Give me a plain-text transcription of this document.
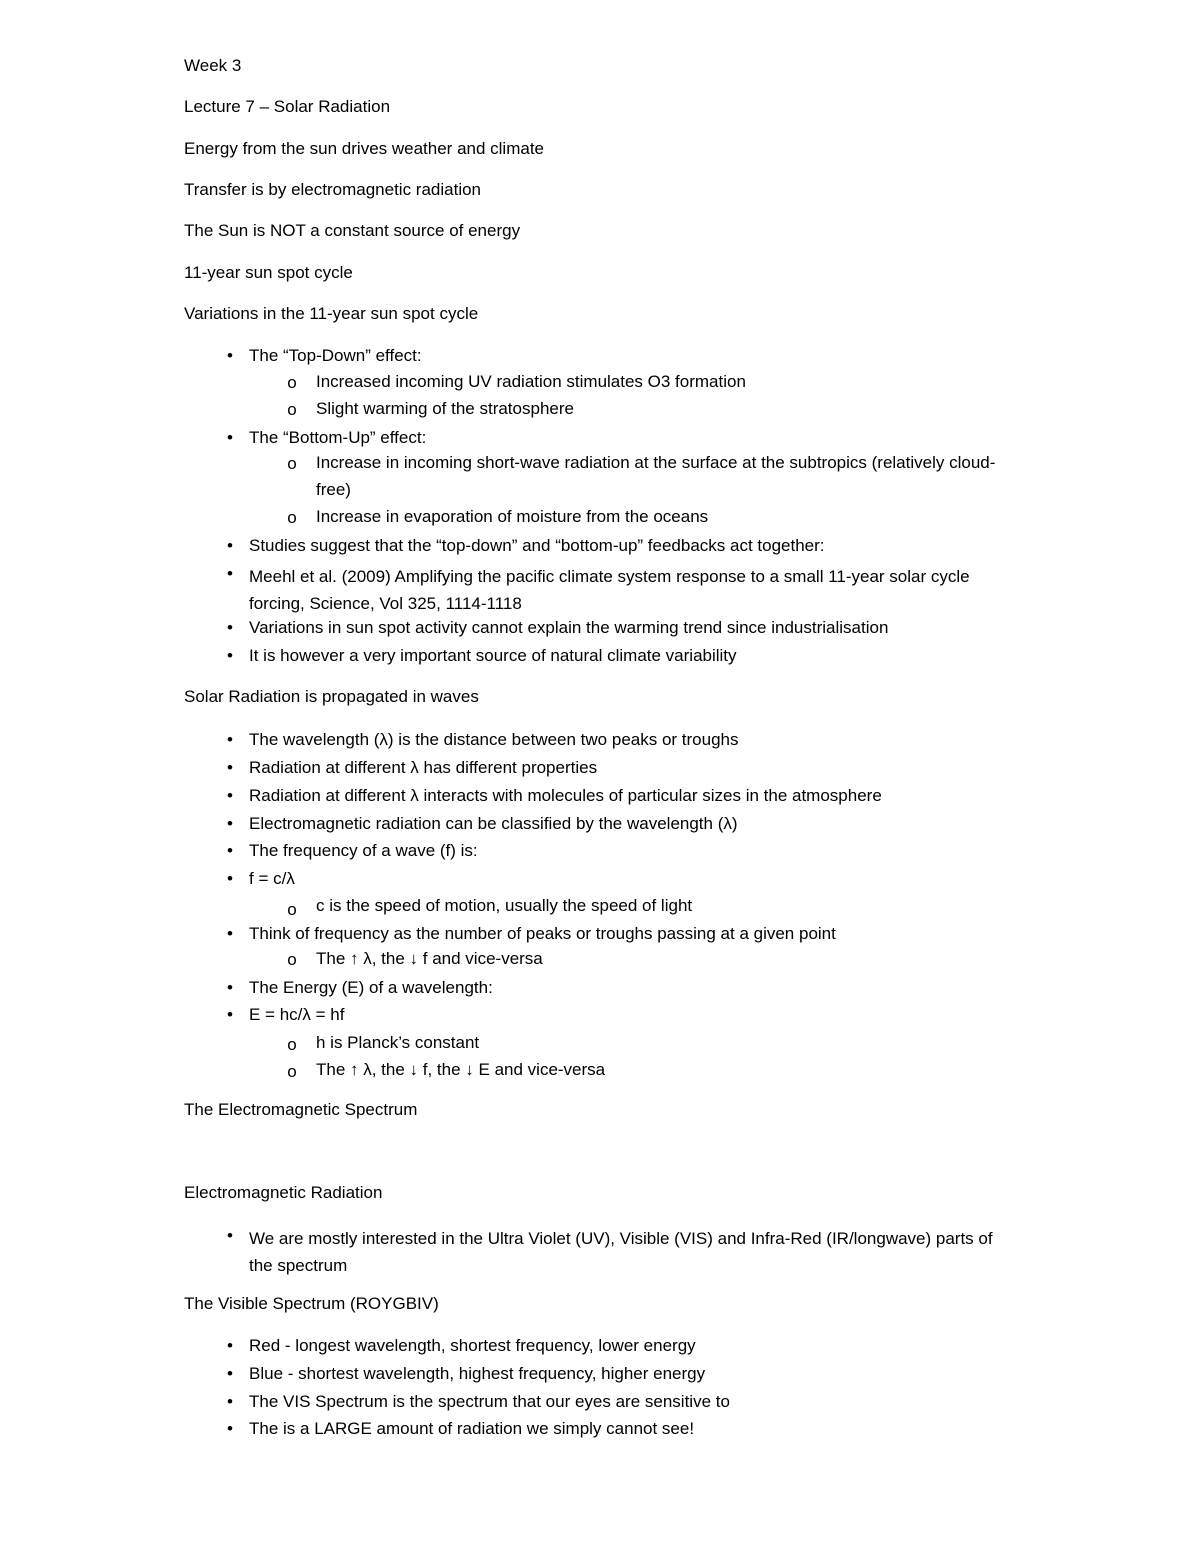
Week 3
Lecture 7 – Solar Radiation
Energy from the sun drives weather and climate
Transfer is by electromagnetic radiation
The Sun is NOT a constant source of energy
11-year sun spot cycle
Variations in the 11-year sun spot cycle
• The “Top-Down” effect:
o	Increased incoming UV radiation stimulates O3 formation
o	Slight warming of the stratosphere
• The “Bottom-Up” effect:
o	Increase in incoming short-wave radiation at the surface at the subtropics (relatively cloud-free)
o	Increase in evaporation of moisture from the oceans
• Studies suggest that the “top-down” and “bottom-up” feedbacks act together:
• Meehl et al. (2009) Amplifying the pacific climate system response to a small 11-year solar cycle forcing, Science, Vol 325, 1114-1118
• Variations in sun spot activity cannot explain the warming trend since industrialisation
• It is however a very important source of natural climate variability
Solar Radiation is propagated in waves
• The wavelength (λ) is the distance between two peaks or troughs
• Radiation at different λ has different properties
• Radiation at different λ interacts with molecules of particular sizes in the atmosphere
• Electromagnetic radiation can be classified by the wavelength (λ)
• The frequency of a wave (f) is:
• f = c/λ
o	c is the speed of motion, usually the speed of light
• Think of frequency as the number of peaks or troughs passing at a given point
o	The ↑ λ, the ↓ f and vice-versa
• The Energy (E) of a wavelength:
• E = hc/λ = hf
o	h is Planck’s constant
o	The ↑ λ, the ↓ f, the ↓ E and vice-versa
The Electromagnetic Spectrum
Electromagnetic Radiation
• We are mostly interested in the Ultra Violet (UV), Visible (VIS) and Infra-Red (IR/longwave) parts of the spectrum
The Visible Spectrum (ROYGBIV)
• Red - longest wavelength, shortest frequency, lower energy
• Blue - shortest wavelength, highest frequency, higher energy
• The VIS Spectrum is the spectrum that our eyes are sensitive to
• The is a LARGE amount of radiation we simply cannot see!
